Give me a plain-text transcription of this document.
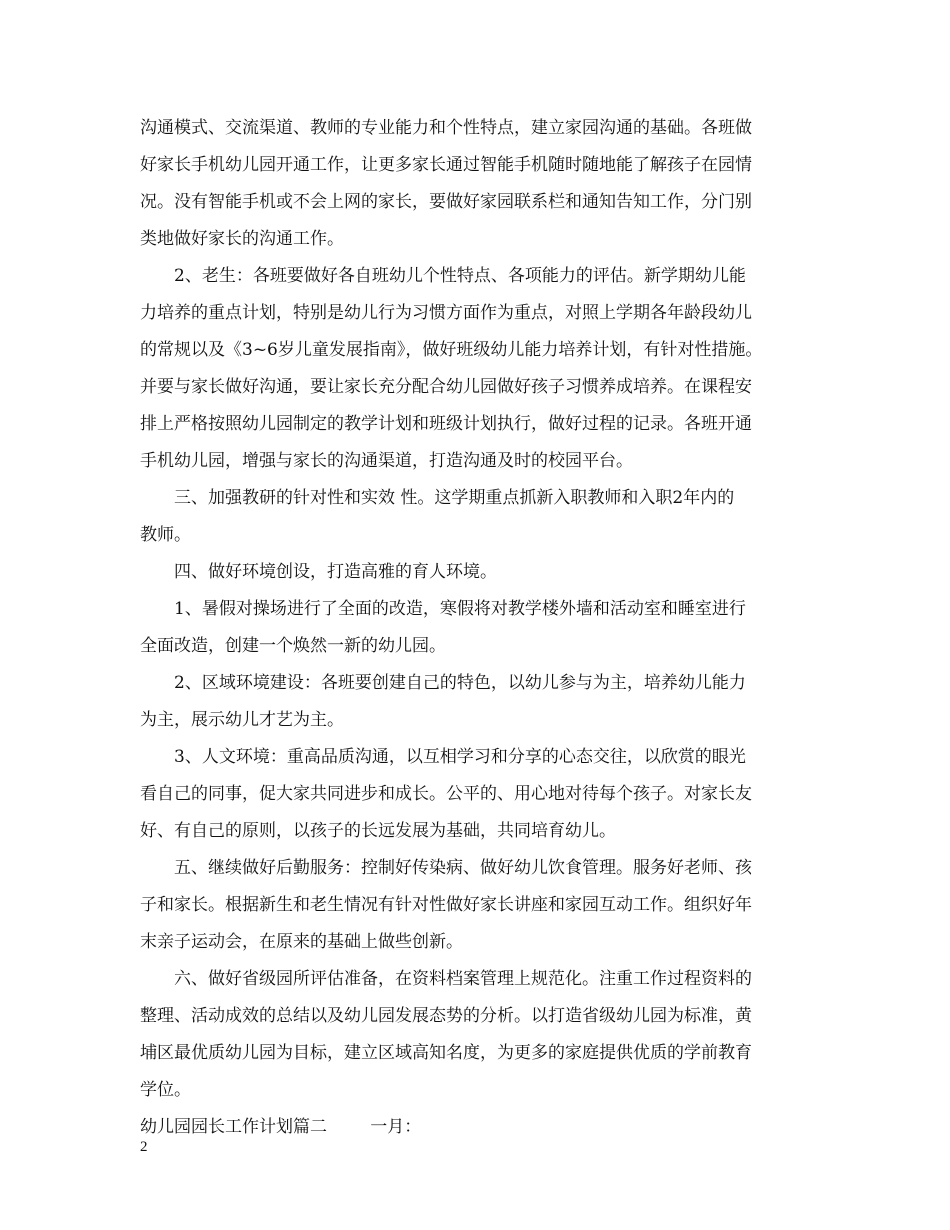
沟通模式、交流渠道、教师的专业能力和个性特点，建立家园沟通的基础。各班做
好家长手机幼儿园开通工作，让更多家长通过智能手机随时随地能了解孩子在园情
况。没有智能手机或不会上网的家长，要做好家园联系栏和通知告知工作，分门别
类地做好家长的沟通工作。
2、老生：各班要做好各自班幼儿个性特点、各项能力的评估。新学期幼儿能
力培养的重点计划，特别是幼儿行为习惯方面作为重点，对照上学期各年龄段幼儿
的常规以及《3~6岁儿童发展指南》，做好班级幼儿能力培养计划，有针对性措施。
并要与家长做好沟通，要让家长充分配合幼儿园做好孩子习惯养成培养。在课程安
排上严格按照幼儿园制定的教学计划和班级计划执行，做好过程的记录。各班开通
手机幼儿园，增强与家长的沟通渠道，打造沟通及时的校园平台。
三、加强教研的针对性和实效 性。这学期重点抓新入职教师和入职2年内的
教师。
四、做好环境创设，打造高雅的育人环境。
1、暑假对操场进行了全面的改造，寒假将对教学楼外墙和活动室和睡室进行
全面改造，创建一个焕然一新的幼儿园。
2、区域环境建设：各班要创建自己的特色，以幼儿参与为主，培养幼儿能力
为主，展示幼儿才艺为主。
3、人文环境：重高品质沟通，以互相学习和分享的心态交往，以欣赏的眼光
看自己的同事，促大家共同进步和成长。公平的、用心地对待每个孩子。对家长友
好、有自己的原则，以孩子的长远发展为基础，共同培育幼儿。
五、继续做好后勤服务：控制好传染病、做好幼儿饮食管理。服务好老师、孩
子和家长。根据新生和老生情况有针对性做好家长讲座和家园互动工作。组织好年
末亲子运动会，在原来的基础上做些创新。
六、做好省级园所评估准备，在资料档案管理上规范化。注重工作过程资料的
整理、活动成效的总结以及幼儿园发展态势的分析。以打造省级幼儿园为标准，黄
埔区最优质幼儿园为目标，建立区域高知名度，为更多的家庭提供优质的学前教育
学位。
幼儿园园长工作计划篇二        一月：
2
